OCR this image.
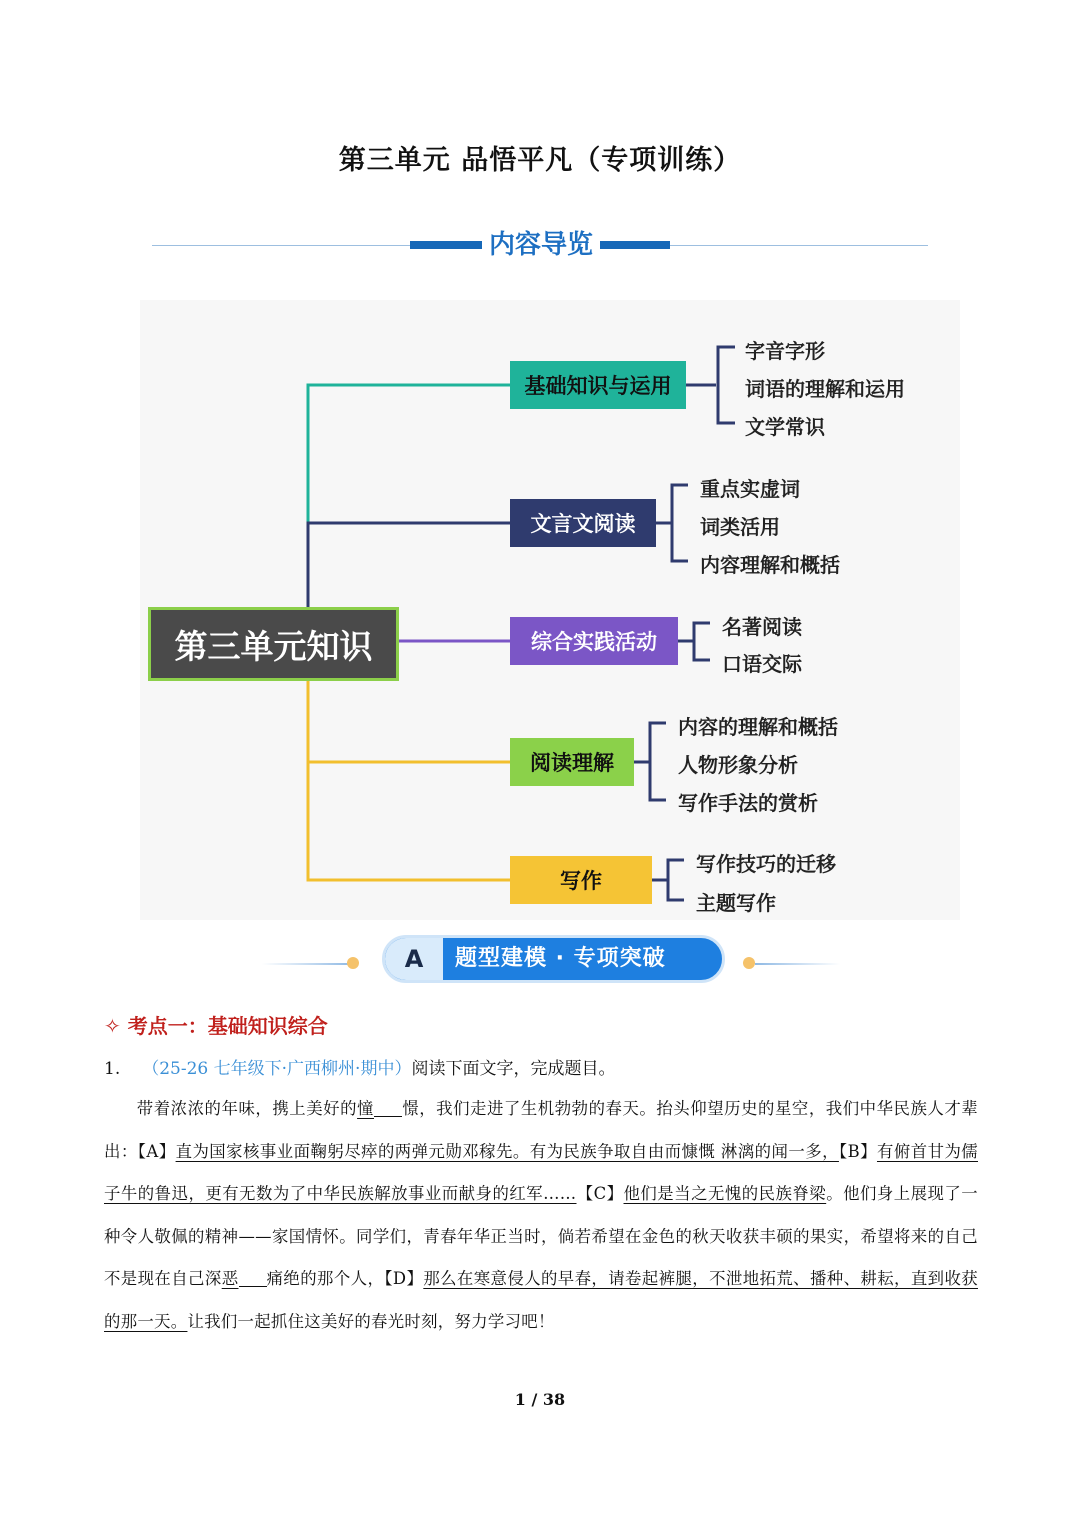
第三单元 品悟平凡（专项训练）
内容导览
第三单元知识
基础知识与运用
文言文阅读
综合实践活动
阅读理解
写作
字音字形
词语的理解和运用
文学常识
重点实虚词
词类活用
内容理解和概括
名著阅读
口语交际
内容的理解和概括
人物形象分析
写作手法的赏析
写作技巧的迁移
主题写作
A	题型建模 · 专项突破
✧ 考点一：基础知识综合
1. （25-26 七年级下·广西柳州·期中）阅读下面文字，完成题目。
带着浓浓的年味，携上美好的憧 憬，我们走进了生机勃勃的春天。抬头仰望历史的星空，我们中华民族人才辈出：【A】直为国家核事业面鞠躬尽瘁的两弹元勋邓稼先。有为民族争取自由而慷慨 淋漓的闻一多，【B】有俯首甘为儒子牛的鲁迅，更有无数为了中华民族解放事业而献身的红军……【C】他们是当之无愧的民族脊梁。他们身上展现了一种令人敬佩的精神——家国情怀。同学们，青春年华正当时，倘若希望在金色的秋天收获丰硕的果实，希望将来的自己不是现在自己深恶 痛绝的那个人，【D】那么在寒意侵人的早春，请卷起裤腿，不泄地拓荒、播种、耕耘，直到收获的那一天。让我们一起抓住这美好的春光时刻，努力学习吧！
1 / 38
